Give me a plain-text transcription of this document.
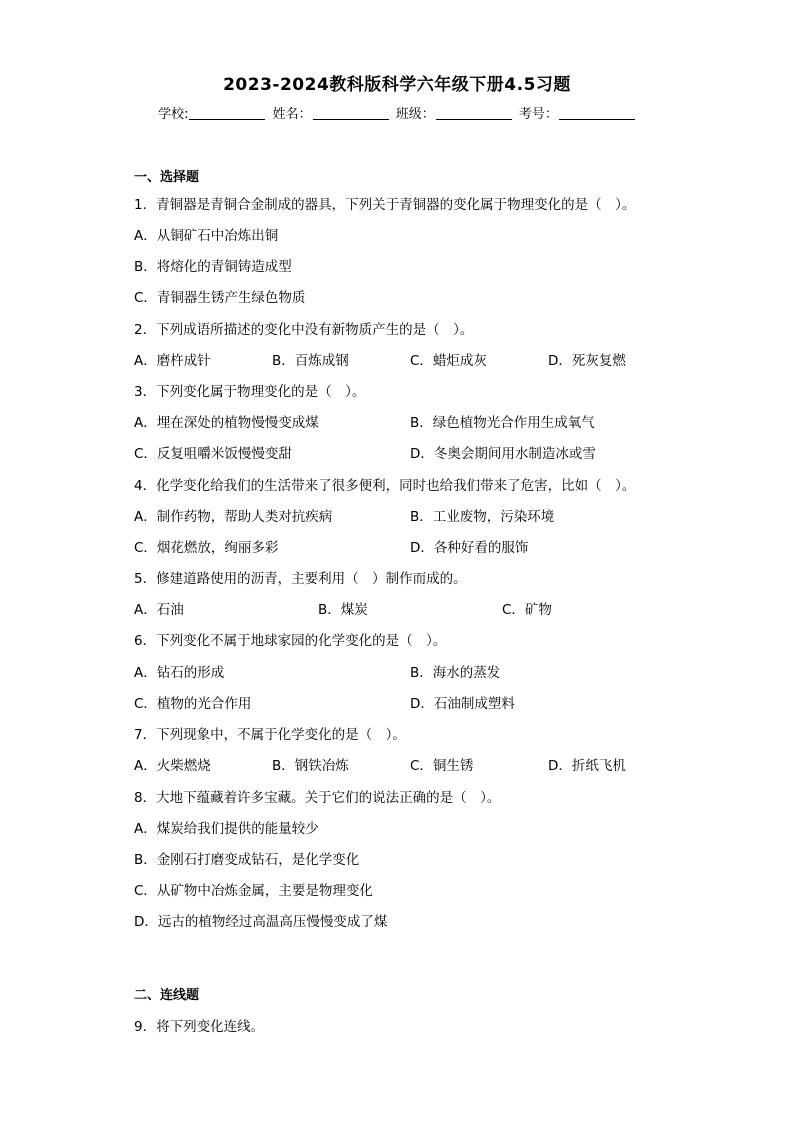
2023-2024教科版科学六年级下册4.5习题
学校:	姓名：	班级：	考号：
一、选择题
1．青铜器是青铜合金制成的器具，下列关于青铜器的变化属于物理变化的是（　）。
A．从铜矿石中冶炼出铜
B．将熔化的青铜铸造成型
C．青铜器生锈产生绿色物质
2．下列成语所描述的变化中没有新物质产生的是（　）。
A．磨杵成针	B．百炼成钢	C．蜡炬成灰	D．死灰复燃
3．下列变化属于物理变化的是（　）。
A．埋在深处的植物慢慢变成煤	B．绿色植物光合作用生成氧气
C．反复咀嚼米饭慢慢变甜	D．冬奥会期间用水制造冰或雪
4．化学变化给我们的生活带来了很多便利，同时也给我们带来了危害，比如（　）。
A．制作药物，帮助人类对抗疾病	B．工业废物，污染环境
C．烟花燃放，绚丽多彩	D．各种好看的服饰
5．修建道路使用的沥青，主要利用（　）制作而成的。
A．石油	B．煤炭	C．矿物
6．下列变化不属于地球家园的化学变化的是（　）。
A．钻石的形成	B．海水的蒸发
C．植物的光合作用	D．石油制成塑料
7．下列现象中，不属于化学变化的是（　）。
A．火柴燃烧	B．钢铁冶炼	C．铜生锈	D．折纸飞机
8．大地下蕴藏着许多宝藏。关于它们的说法正确的是（　）。
A．煤炭给我们提供的能量较少
B．金刚石打磨变成钻石，是化学变化
C．从矿物中冶炼金属，主要是物理变化
D．远古的植物经过高温高压慢慢变成了煤
二、连线题
9．将下列变化连线。
